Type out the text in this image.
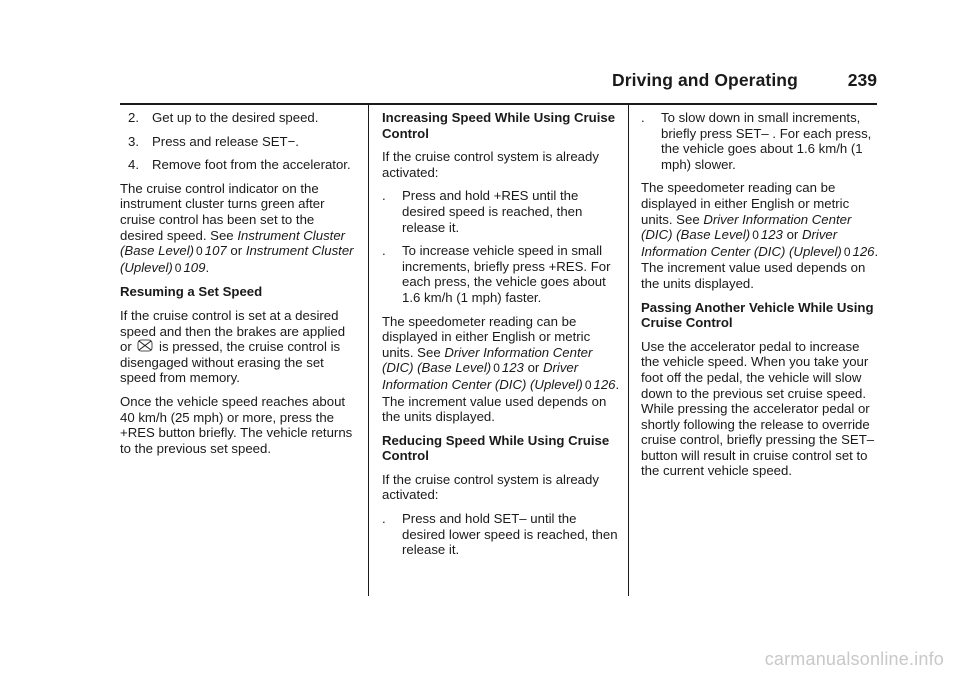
Driving and Operating	239
2. Get up to the desired speed.
3. Press and release SET−.
4. Remove foot from the accelerator.

The cruise control indicator on the instrument cluster turns green after cruise control has been set to the desired speed. See Instrument Cluster (Base Level) 0 107 or Instrument Cluster (Uplevel) 0 109.

Resuming a Set Speed

If the cruise control is set at a desired speed and then the brakes are applied or  is pressed, the cruise control is disengaged without erasing the set speed from memory.

Once the vehicle speed reaches about 40 km/h (25 mph) or more, press the +RES button briefly. The vehicle returns to the previous set speed.

Increasing Speed While Using Cruise Control

If the cruise control system is already activated:

. Press and hold +RES until the desired speed is reached, then release it.
. To increase vehicle speed in small increments, briefly press +RES. For each press, the vehicle goes about 1.6 km/h (1 mph) faster.

The speedometer reading can be displayed in either English or metric units. See Driver Information Center (DIC) (Base Level) 0 123 or Driver Information Center (DIC) (Uplevel) 0 126. The increment value used depends on the units displayed.

Reducing Speed While Using Cruise Control

If the cruise control system is already activated:

. Press and hold SET– until the desired lower speed is reached, then release it.
. To slow down in small increments, briefly press SET– . For each press, the vehicle goes about 1.6 km/h (1 mph) slower.

The speedometer reading can be displayed in either English or metric units. See Driver Information Center (DIC) (Base Level) 0 123 or Driver Information Center (DIC) (Uplevel) 0 126. The increment value used depends on the units displayed.

Passing Another Vehicle While Using Cruise Control

Use the accelerator pedal to increase the vehicle speed. When you take your foot off the pedal, the vehicle will slow down to the previous set cruise speed. While pressing the accelerator pedal or shortly following the release to override cruise control, briefly pressing the SET– button will result in cruise control set to the current vehicle speed.

carmanualsonline.info
